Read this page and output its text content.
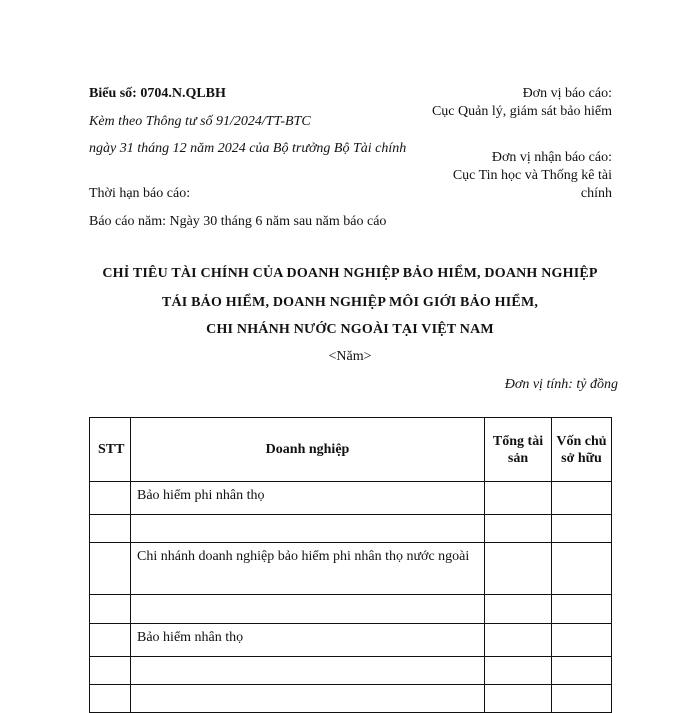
Biểu số: 0704.N.QLBH
Kèm theo Thông tư số 91/2024/TT-BTC
ngày 31 tháng 12 năm 2024 của Bộ trưởng Bộ Tài chính
Thời hạn báo cáo:
Báo cáo năm: Ngày 30 tháng 6 năm sau năm báo cáo
Đơn vị báo cáo:
Cục Quản lý, giám sát bảo hiểm
Đơn vị nhận báo cáo:
Cục Tin học và Thống kê tài chính
CHỈ TIÊU TÀI CHÍNH CỦA DOANH NGHIỆP BẢO HIỂM, DOANH NGHIỆP
TÁI BẢO HIỂM, DOANH NGHIỆP MÔI GIỚI BẢO HIỂM,
CHI NHÁNH NƯỚC NGOÀI TẠI VIỆT NAM
<Năm>
Đơn vị tính: tỷ đồng
STT	Doanh nghiệp	Tổng tài sản	Vốn chủ sở hữu
	Bảo hiểm phi nhân thọ		

	Chi nhánh doanh nghiệp bảo hiểm phi nhân thọ nước ngoài		

	Bảo hiểm nhân thọ		
